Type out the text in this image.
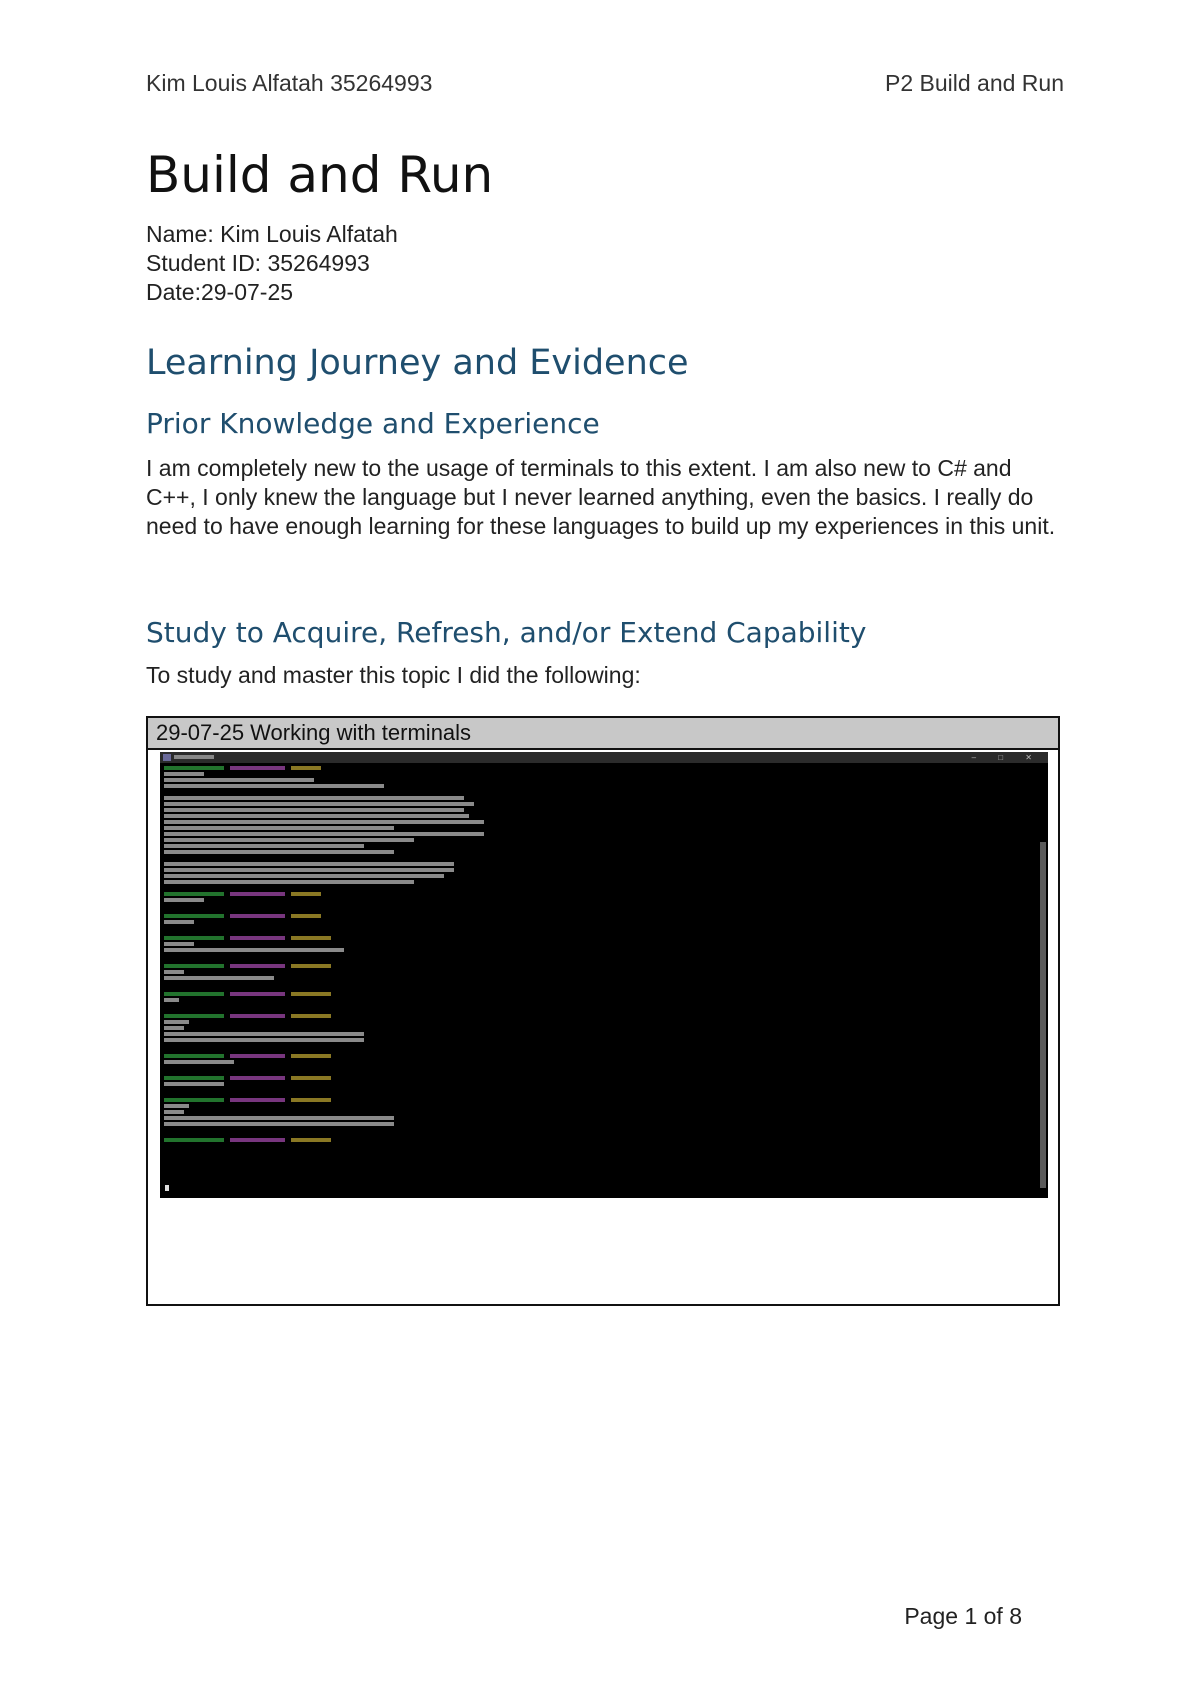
Kim Louis Alfatah 35264993	P2 Build and Run
Build and Run
Name: Kim Louis Alfatah
Student ID: 35264993
Date:29-07-25
Learning Journey and Evidence
Prior Knowledge and Experience

I am completely new to the usage of terminals to this extent. I am also new to C# and C++, I only knew the language but I never learned anything, even the basics. I really do need to have enough learning for these languages to build up my experiences in this unit.

Study to Acquire, Refresh, and/or Extend Capability

To study and master this topic I did the following:

29-07-25 Working with terminals
– □ ✕
Page 1 of 8
